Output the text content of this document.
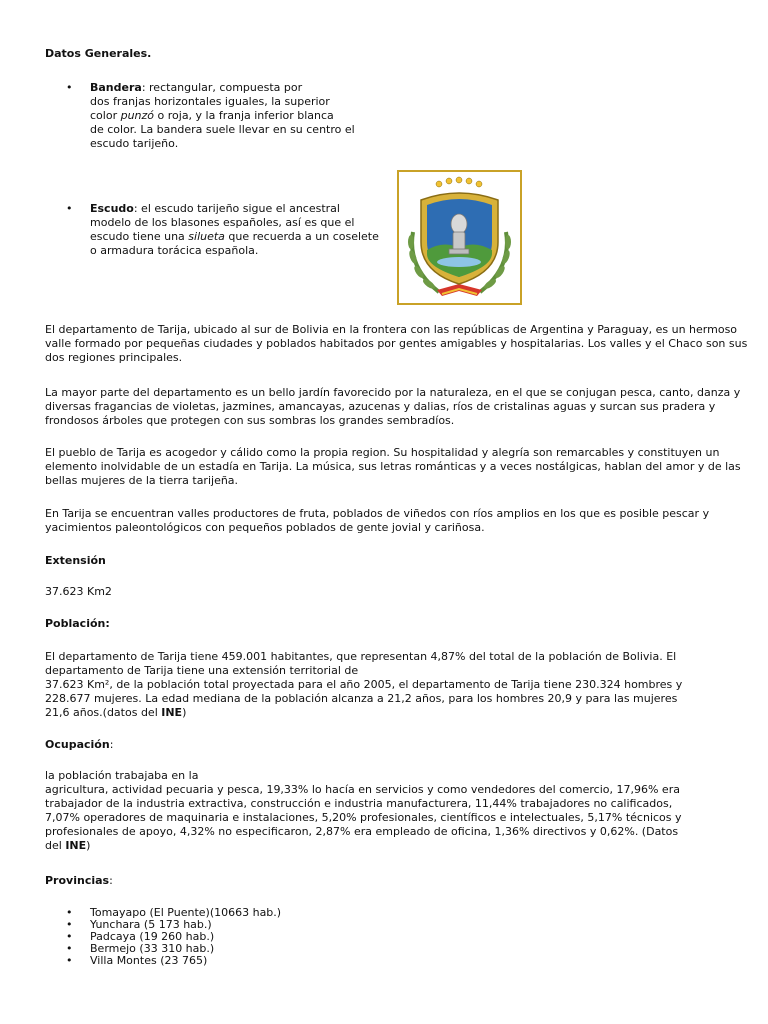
Datos Generales.
• Bandera: rectangular, compuesta por
dos franjas horizontales iguales, la superior
color punzó o roja, y la franja inferior blanca
de color. La bandera suele llevar en su centro el
escudo tarijeño.
• Escudo: el escudo tarijeño sigue el ancestral
modelo de los blasones españoles, así es que el
escudo tiene una silueta que recuerda a un coselete
o armadura torácica española.

El departamento de Tarija, ubicado al sur de Bolivia en la frontera con las repúblicas de Argentina y Paraguay, es un hermoso valle formado por pequeñas ciudades y poblados habitados por gentes amigables y hospitalarias. Los valles y el Chaco son sus dos regiones principales.

La mayor parte del departamento es un bello jardín favorecido por la naturaleza, en el que se conjugan pesca, canto, danza y diversas fragancias de violetas, jazmines, amancayas, azucenas y dalias, ríos de cristalinas aguas y surcan sus pradera y frondosos árboles que protegen con sus sombras los grandes sembradíos.

El pueblo de Tarija es acogedor y cálido como la propia region. Su hospitalidad y alegría son remarcables y constituyen un elemento inolvidable de un estadía en Tarija. La música, sus letras románticas y a veces nostálgicas, hablan del amor y de las bellas mujeres de la tierra tarijeña.

En Tarija se encuentran valles productores de fruta, poblados de viñedos con ríos amplios en los que es posible pescar y yacimientos paleontológicos con pequeños poblados de gente jovial y cariñosa.

Extensión
37.623 Km2
Población:
El departamento de Tarija tiene 459.001 habitantes, que representan 4,87% del total de la población de Bolivia. El
departamento de Tarija tiene una extensión territorial de
37.623 Km², de la población total proyectada para el año 2005, el departamento de Tarija tiene 230.324 hombres y
228.677 mujeres. La edad mediana de la población alcanza a 21,2 años, para los hombres 20,9 y para las mujeres
21,6 años.(datos del INE)
Ocupación:
la población trabajaba en la
agricultura, actividad pecuaria y pesca, 19,33% lo hacía en servicios y como vendedores del comercio, 17,96% era
trabajador de la industria extractiva, construcción e industria manufacturera, 11,44% trabajadores no calificados,
7,07% operadores de maquinaria e instalaciones, 5,20% profesionales, científicos e intelectuales, 5,17% técnicos y
profesionales de apoyo, 4,32% no especificaron, 2,87% era empleado de oficina, 1,36% directivos y 0,62%. (Datos
del INE)
Provincias:
• Tomayapo (El Puente)(10663 hab.)
• Yunchara (5 173 hab.)
• Padcaya (19 260 hab.)
• Bermejo (33 310 hab.)
• Villa Montes (23 765)
